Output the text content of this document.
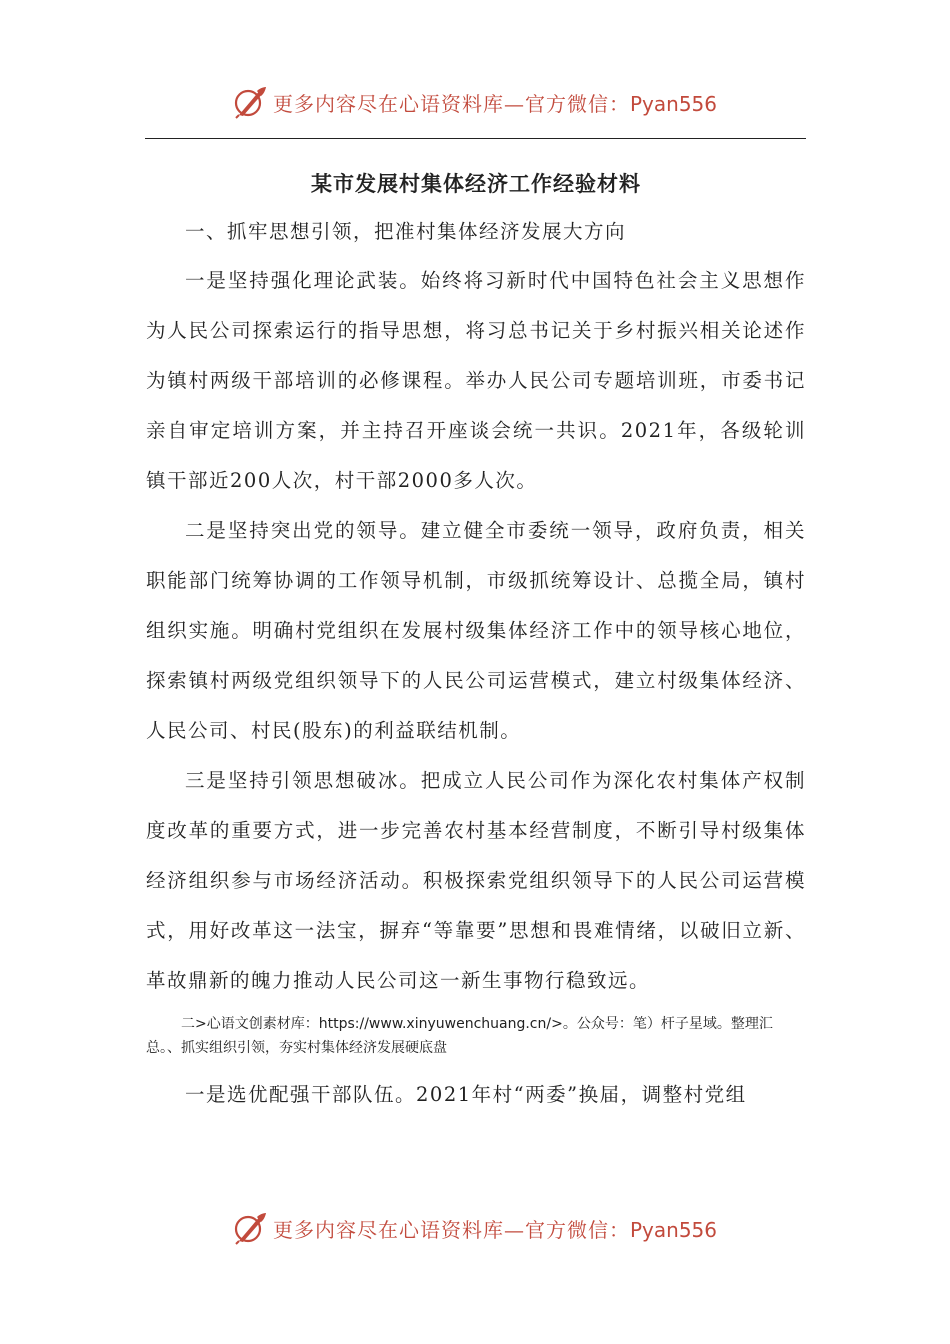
更多内容尽在心语资料库—官方微信：Pyan556
某市发展村集体经济工作经验材料

一、抓牢思想引领，把准村集体经济发展大方向

一是坚持强化理论武装。始终将习新时代中国特色社会主义思想作为人民公司探索运行的指导思想，将习总书记关于乡村振兴相关论述作为镇村两级干部培训的必修课程。举办人民公司专题培训班，市委书记亲自审定培训方案，并主持召开座谈会统一共识。2021年，各级轮训镇干部近200人次，村干部2000多人次。

二是坚持突出党的领导。建立健全市委统一领导，政府负责，相关职能部门统筹协调的工作领导机制，市级抓统筹设计、总揽全局，镇村组织实施。明确村党组织在发展村级集体经济工作中的领导核心地位，探索镇村两级党组织领导下的人民公司运营模式，建立村级集体经济、人民公司、村民(股东)的利益联结机制。

三是坚持引领思想破冰。把成立人民公司作为深化农村集体产权制度改革的重要方式，进一步完善农村基本经营制度，不断引导村级集体经济组织参与市场经济活动。积极探索党组织领导下的人民公司运营模式，用好改革这一法宝，摒弃“等靠要”思想和畏难情绪，以破旧立新、革故鼎新的魄力推动人民公司这一新生事物行稳致远。

二>心语文创素材库：https://www.xinyuwenchuang.cn/>。公众号：笔）杆子星域。整理汇总。、抓实组织引领，夯实村集体经济发展硬底盘

一是选优配强干部队伍。2021年村“两委”换届，调整村党组

更多内容尽在心语资料库—官方微信：Pyan556
